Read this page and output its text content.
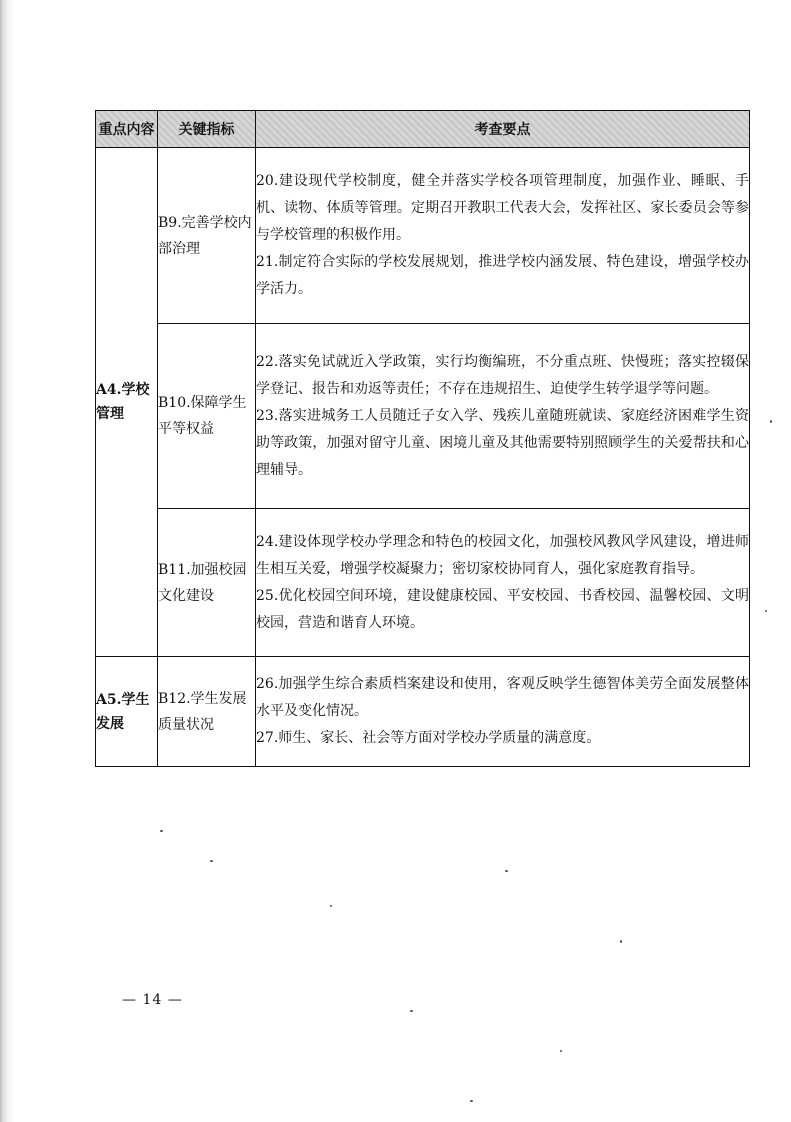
重点内容	关键指标	考查要点
A4.学校管理	B9.完善学校内部治理	20.建设现代学校制度，健全并落实学校各项管理制度，加强作业、睡眠、手机、读物、体质等管理。定期召开教职工代表大会，发挥社区、家长委员会等参与学校管理的积极作用。

21.制定符合实际的学校发展规划，推进学校内涵发展、特色建设，增强学校办学活力。

	B10.保障学生平等权益	22.落实免试就近入学政策，实行均衡编班，不分重点班、快慢班；落实控辍保学登记、报告和劝返等责任；不存在违规招生、迫使学生转学退学等问题。

23.落实进城务工人员随迁子女入学、残疾儿童随班就读、家庭经济困难学生资助等政策，加强对留守儿童、困境儿童及其他需要特别照顾学生的关爱帮扶和心理辅导。

	B11.加强校园文化建设	24.建设体现学校办学理念和特色的校园文化，加强校风教风学风建设，增进师生相互关爱，增强学校凝聚力；密切家校协同育人，强化家庭教育指导。

25.优化校园空间环境，建设健康校园、平安校园、书香校园、温馨校园、文明校园，营造和谐育人环境。

A5.学生发展	B12.学生发展质量状况	26.加强学生综合素质档案建设和使用，客观反映学生德智体美劳全面发展整体水平及变化情况。

27.师生、家长、社会等方面对学校办学质量的满意度。

— 14 —
